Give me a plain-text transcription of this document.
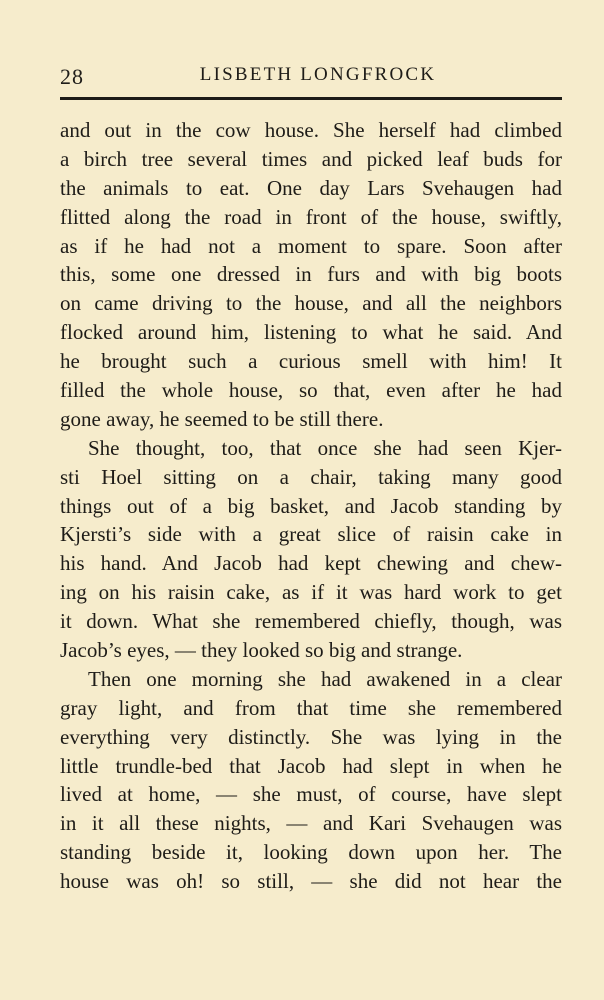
28	LISBETH LONGFROCK
and out in the cow house. She herself had climbed
a birch tree several times and picked leaf buds for
the animals to eat. One day Lars Svehaugen had
flitted along the road in front of the house, swiftly,
as if he had not a moment to spare. Soon after
this, some one dressed in furs and with big boots
on came driving to the house, and all the neighbors
flocked around him, listening to what he said. And
he brought such a curious smell with him! It
filled the whole house, so that, even after he had
gone away, he seemed to be still there.
She thought, too, that once she had seen Kjer-
sti Hoel sitting on a chair, taking many good
things out of a big basket, and Jacob standing by
Kjersti’s side with a great slice of raisin cake in
his hand. And Jacob had kept chewing and chew-
ing on his raisin cake, as if it was hard work to get
it down. What she remembered chiefly, though, was
Jacob’s eyes, — they looked so big and strange.
Then one morning she had awakened in a clear
gray light, and from that time she remembered
everything very distinctly. She was lying in the
little trundle-bed that Jacob had slept in when he
lived at home, — she must, of course, have slept
in it all these nights, — and Kari Svehaugen was
standing beside it, looking down upon her. The
house was oh! so still, — she did not hear the
